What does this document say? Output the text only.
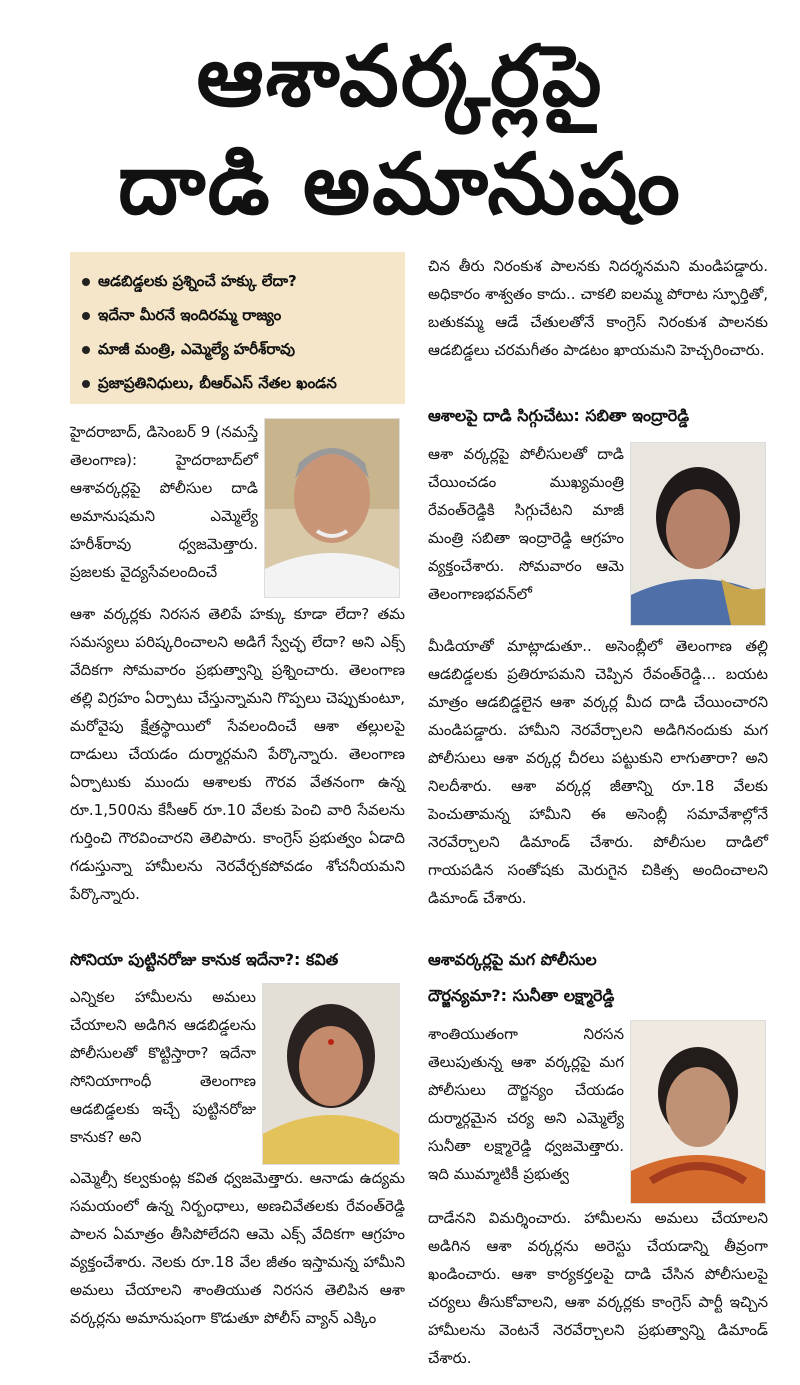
ఆశావర్కర్లపై
దాడి అమానుషం
ఆడబిడ్డలకు ప్రశ్నించే హక్కు లేదా?
ఇదేనా మీరనే ఇందిరమ్మ రాజ్యం
మాజీ మంత్రి, ఎమ్మెల్యే హరీశ్‌రావు
ప్రజాప్రతినిధులు, బీఆర్‌ఎస్ నేతల ఖండన
హైదరాబాద్, డిసెంబర్ 9 (నమస్తే తెలంగాణ): హైదరాబాద్‌లో ఆశావర్కర్లపై పోలీసుల దాడి అమానుషమని ఎమ్మెల్యే హరీశ్‌రావు ధ్వజమెత్తారు. ప్రజలకు వైద్యసేవలందించే
ఆశా వర్కర్లకు నిరసన తెలిపే హక్కు కూడా లేదా? తమ సమస్యలు పరిష్కరించాలని అడిగే స్వేచ్ఛ లేదా? అని ఎక్స్ వేదికగా సోమవారం ప్రభుత్వాన్ని ప్రశ్నించారు. తెలంగాణ తల్లి విగ్రహం ఏర్పాటు చేస్తున్నామని గొప్పలు చెప్పుకుంటూ, మరోవైపు క్షేత్రస్థాయిలో సేవలందించే ఆశా తల్లులపై దాడులు చేయడం దుర్మార్గమని పేర్కొన్నారు. తెలంగాణ ఏర్పాటుకు ముందు ఆశాలకు గౌరవ వేతనంగా ఉన్న రూ.1,500ను కేసీఆర్ రూ.10 వేలకు పెంచి వారి సేవలను గుర్తించి గౌరవించారని తెలిపారు. కాంగ్రెస్ ప్రభుత్వం ఏడాది గడుస్తున్నా హామీలను నెరవేర్చకపోవడం శోచనీయమని పేర్కొన్నారు.
సోనియా పుట్టినరోజు కానుక ఇదేనా?: కవిత
ఎన్నికల హామీలను అమలు చేయాలని అడిగిన ఆడబిడ్డలను పోలీసులతో కొట్టిస్తారా? ఇదేనా సోనియాగాంధీ తెలంగాణ ఆడబిడ్డలకు ఇచ్చే పుట్టినరోజు కానుక? అని
ఎమ్మెల్సీ కల్వకుంట్ల కవిత ధ్వజమెత్తారు. ఆనాడు ఉద్యమ సమయంలో ఉన్న నిర్బంధాలు, అణచివేతలకు రేవంత్‌రెడ్డి పాలన ఏమాత్రం తీసిపోలేదని ఆమె ఎక్స్ వేదికగా ఆగ్రహం వ్యక్తంచేశారు. నెలకు రూ.18 వేల జీతం ఇస్తామన్న హామీని అమలు చేయాలని శాంతియుత నిరసన తెలిపిన ఆశా వర్కర్లను అమానుషంగా కొడుతూ పోలీస్ వ్యాన్ ఎక్కిం
చిన తీరు నిరంకుశ పాలనకు నిదర్శనమని మండిపడ్డారు. అధికారం శాశ్వతం కాదు.. చాకలి ఐలమ్మ పోరాట స్ఫూర్తితో, బతుకమ్మ ఆడే చేతులతోనే కాంగ్రెస్ నిరంకుశ పాలనకు ఆడబిడ్డలు చరమగీతం పాడటం ఖాయమని హెచ్చరించారు.
ఆశాలపై దాడి సిగ్గుచేటు: సబితా ఇంద్రారెడ్డి
ఆశా వర్కర్లపై పోలీసులతో దాడి చేయించడం ముఖ్యమంత్రి రేవంత్‌రెడ్డికి సిగ్గుచేటని మాజీ మంత్రి సబితా ఇంద్రారెడ్డి ఆగ్రహం వ్యక్తంచేశారు. సోమవారం ఆమె తెలంగాణభవన్‌లో
మీడియాతో మాట్లాడుతూ.. అసెంబ్లీలో తెలంగాణ తల్లి ఆడబిడ్డలకు ప్రతిరూపమని చెప్పిన రేవంత్‌రెడ్డి... బయట మాత్రం ఆడబిడ్డలైన ఆశా వర్కర్ల మీద దాడి చేయించారని మండిపడ్డారు. హామీని నెరవేర్చాలని అడిగినందుకు మగ పోలీసులు ఆశా వర్కర్ల చీరలు పట్టుకుని లాగుతారా? అని నిలదీశారు. ఆశా వర్కర్ల జీతాన్ని రూ.18 వేలకు పెంచుతామన్న హామీని ఈ అసెంబ్లీ సమావేశాల్లోనే నెరవేర్చాలని డిమాండ్ చేశారు. పోలీసుల దాడిలో గాయపడిన సంతోషకు మెరుగైన చికిత్స అందించాలని డిమాండ్ చేశారు.
ఆశావర్కర్లపై మగ పోలీసుల
దౌర్జన్యమా?: సునీతా లక్ష్మారెడ్డి
శాంతియుతంగా నిరసన తెలుపుతున్న ఆశా వర్కర్లపై మగ పోలీసులు దౌర్జన్యం చేయడం దుర్మార్గమైన చర్య అని ఎమ్మెల్యే సునీతా లక్ష్మారెడ్డి ధ్వజమెత్తారు. ఇది ముమ్మాటికీ ప్రభుత్వ
దాడేనని విమర్శించారు. హామీలను అమలు చేయాలని అడిగిన ఆశా వర్కర్లను అరెస్టు చేయడాన్ని తీవ్రంగా ఖండించారు. ఆశా కార్యకర్తలపై దాడి చేసిన పోలీసులపై చర్యలు తీసుకోవాలని, ఆశా వర్కర్లకు కాంగ్రెస్ పార్టీ ఇచ్చిన హామీలను వెంటనే నెరవేర్చాలని ప్రభుత్వాన్ని డిమాండ్ చేశారు.
